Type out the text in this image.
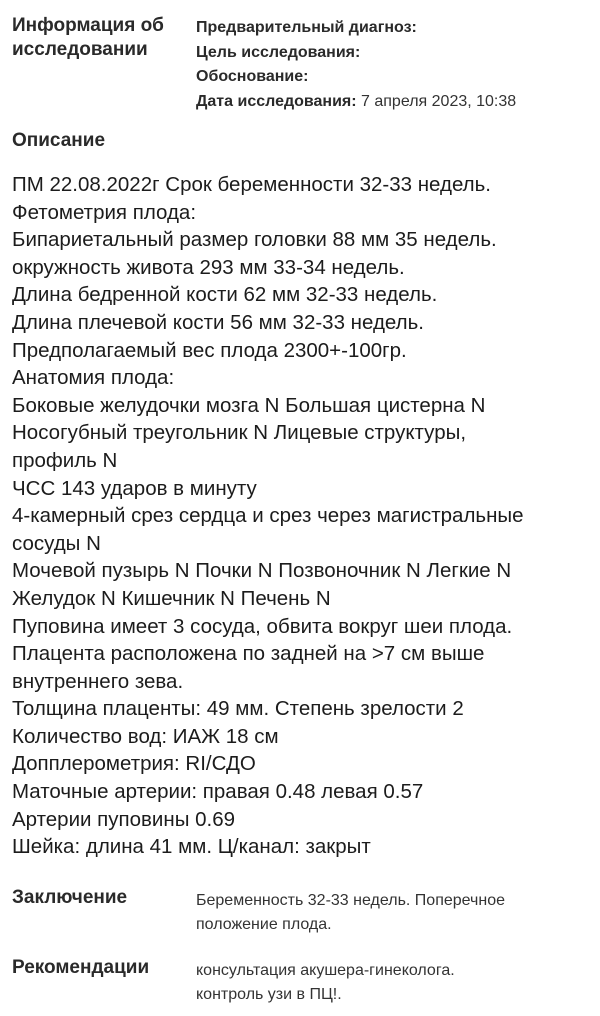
Информация об
исследовании
Предварительный диагноз:
Цель исследования:
Обоснование:
Дата исследования: 7 апреля 2023, 10:38
Описание
ПМ 22.08.2022г Срок беременности 32-33 недель.
Фетометрия плода:
Бипариетальный размер головки 88 мм 35 недель.
окружность живота 293 мм 33-34 недель.
Длина бедренной кости 62 мм 32-33 недель.
Длина плечевой кости 56 мм 32-33 недель.
Предполагаемый вес плода 2300+-100гр.
Анатомия плода:
Боковые желудочки мозга N Большая цистерна N
Носогубный треугольник N Лицевые структуры,
профиль N
ЧСС 143 ударов в минуту
4-камерный срез сердца и срез через магистральные
сосуды N
Мочевой пузырь N Почки N Позвоночник N Легкие N
Желудок N Кишечник N Печень N
Пуповина имеет 3 сосуда, обвита вокруг шеи плода.
Плацента расположена по задней на >7 см выше
внутреннего зева.
Толщина плаценты: 49 мм. Степень зрелости 2
Количество вод: ИАЖ 18 см
Допплерометрия: RI/СДО
Маточные артерии: правая 0.48 левая 0.57
Артерии пуповины 0.69
Шейка: длина 41 мм. Ц/канал: закрыт
Заключение	Беременность 32-33 недель. Поперечное
положение плода.
Рекомендации	консультация акушера-гинеколога.
контроль узи в ПЦ!.
